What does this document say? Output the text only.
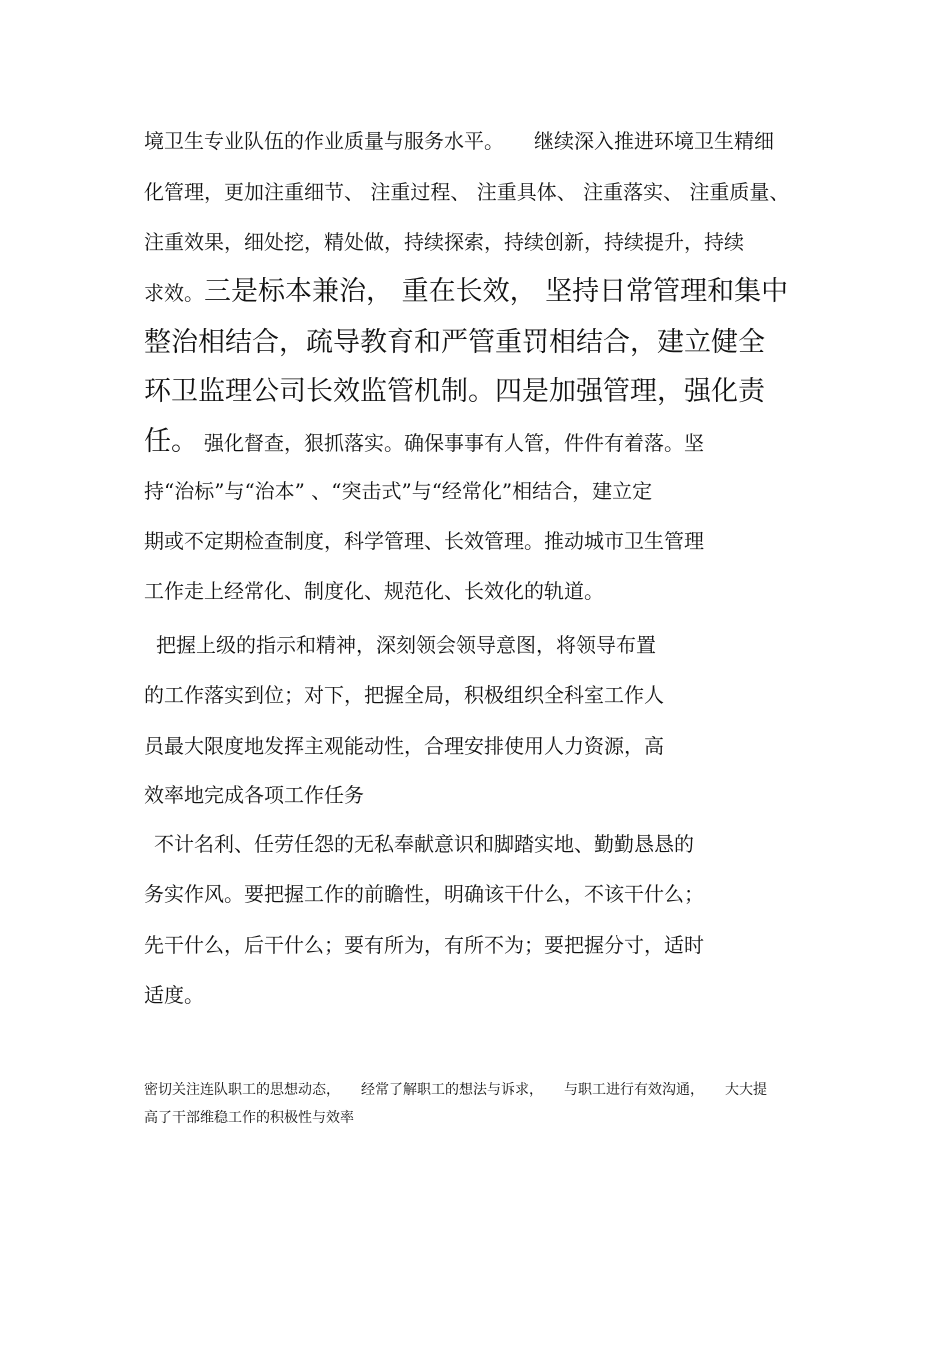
境卫生专业队伍的作业质量与服务水平。 继续深入推进环境卫生精细
化管理，更加注重细节、 注重过程、 注重具体、 注重落实、 注重质量、
注重效果，细处挖，精处做，持续探索，持续创新，持续提升，持续
求效。三是标本兼治， 重在长效， 坚持日常管理和集中
整治相结合，疏导教育和严管重罚相结合，建立健全
环卫监理公司长效监管机制。四是加强管理，强化责
任。 强化督查，狠抓落实。确保事事有人管，件件有着落。坚
持“治标”与“治本” 、“突击式”与“经常化”相结合，建立定
期或不定期检查制度，科学管理、长效管理。推动城市卫生管理
工作走上经常化、制度化、规范化、长效化的轨道。
把握上级的指示和精神，深刻领会领导意图，将领导布置
的工作落实到位；对下，把握全局，积极组织全科室工作人
员最大限度地发挥主观能动性，合理安排使用人力资源，高
效率地完成各项工作任务
不计名利、任劳任怨的无私奉献意识和脚踏实地、勤勤恳恳的
务实作风。要把握工作的前瞻性，明确该干什么，不该干什么；
先干什么，后干什么；要有所为，有所不为；要把握分寸，适时
适度。
密切关注连队职工的思想动态，　　经常了解职工的想法与诉求，　　与职工进行有效沟通，　　大大提
高了干部维稳工作的积极性与效率
